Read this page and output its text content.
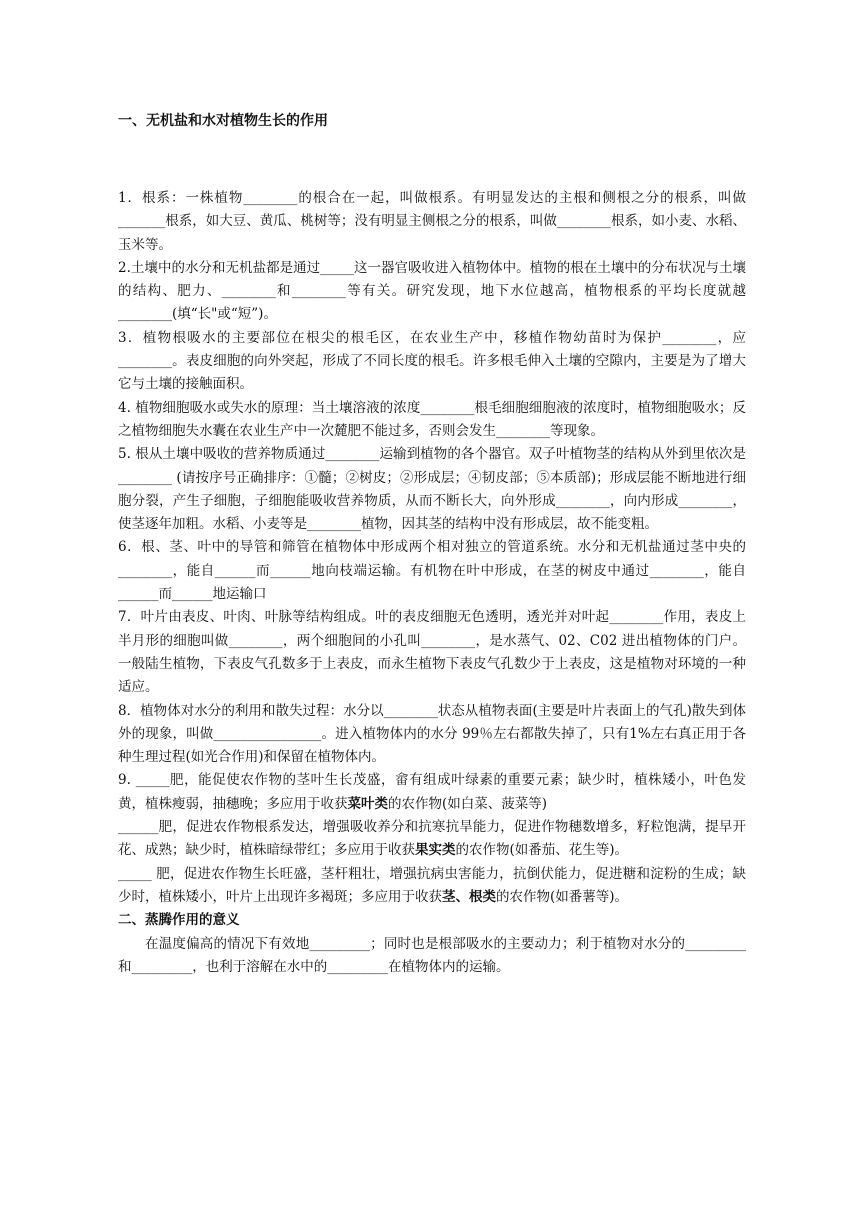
一、无机盐和水对植物生长的作用

1．根系：一株植物________的根合在一起，叫做根系。有明显发达的主根和侧根之分的根系，叫做_______根系，如大豆、黄瓜、桃树等；没有明显主侧根之分的根系，叫做________根系，如小麦、水稻、玉米等。

2.土壤中的水分和无机盐都是通过_____这一器官吸收进入植物体中。植物的根在土壤中的分布状况与土壤的结构、肥力、________和________等有关。研究发现，地下水位越高，植物根系的平均长度就越________(填“长"或“短”)。

3．植物根吸水的主要部位在根尖的根毛区，在农业生产中，移植作物幼苗时为保护________，应________。表皮细胞的向外突起，形成了不同长度的根毛。许多根毛伸入土壤的空隙内，主要是为了增大它与土壤的接触面积。

4. 植物细胞吸水或失水的原理：当土壤溶液的浓度________根毛细胞细胞液的浓度时，植物细胞吸水；反之植物细胞失水囊在农业生产中一次麓肥不能过多，否则会发生________等现象。

5. 根从土壤中吸收的营养物质通过________运输到植物的各个器官。双子叶植物茎的结构从外到里依次是________ (请按序号正确排序：①髓；②树皮；②形成层；④韧皮部；⑤本质部)；形成层能不断地进行细胞分裂，产生子细胞，子细胞能吸收营养物质，从而不断长大，向外形成________，向内形成________，使茎逐年加粗。水稻、小麦等是________植物，因其茎的结构中没有形成层，故不能变粗。

6．根、茎、叶中的导管和筛管在植物体中形成两个相对独立的管道系统。水分和无机盐通过茎中央的________，能自______而______地向枝端运输。有机物在叶中形成，在茎的树皮中通过________，能自______而______地运输口

7．叶片由表皮、叶肉、叶脉等结构组成。叶的表皮细胞无色透明，透光并对叶起________作用，表皮上半月形的细胞叫做________，两个细胞间的小孔叫________，是水蒸气、02、C02 进出植物体的门户。一般陆生植物，下表皮气孔数多于上表皮，而永生植物下表皮气孔数少于上表皮，这是植物对环境的一种适应。

8．植物体对水分的利用和散失过程：水分以________状态从植物表面(主要是叶片表面上的气孔)散失到体外的现象，叫做________________。进入植物体内的水分 99％左右都散失掉了，只有1%左右真正用于各种生理过程(如光合作用)和保留在植物体内。

9. _____肥，能促使农作物的茎叶生长茂盛，畲有组成叶绿素的重要元素；缺少时，植株矮小，叶色发黄，植株瘦弱，抽穗晚；多应用于收获菜叶类的农作物(如白菜、菠菜等)

______肥，促进农作物根系发达，增强吸收养分和抗寒抗旱能力，促进作物穗数增多，籽粒饱满，提早开花、成熟；缺少时，植株暗绿带红；多应用于收获果实类的农作物(如番茄、花生等)。

_____ 肥，促进农作物生长旺盛，茎杆粗壮，增强抗病虫害能力，抗倒伏能力，促进糖和淀粉的生成；缺少时，植株矮小，叶片上出现许多褐斑；多应用于收获茎、根类的农作物(如番薯等)。

二、蒸腾作用的意义

在温度偏高的情况下有效地_________；同时也是根部吸水的主要动力；利于植物对水分的_________和_________，也利于溶解在水中的_________在植物体内的运输。
